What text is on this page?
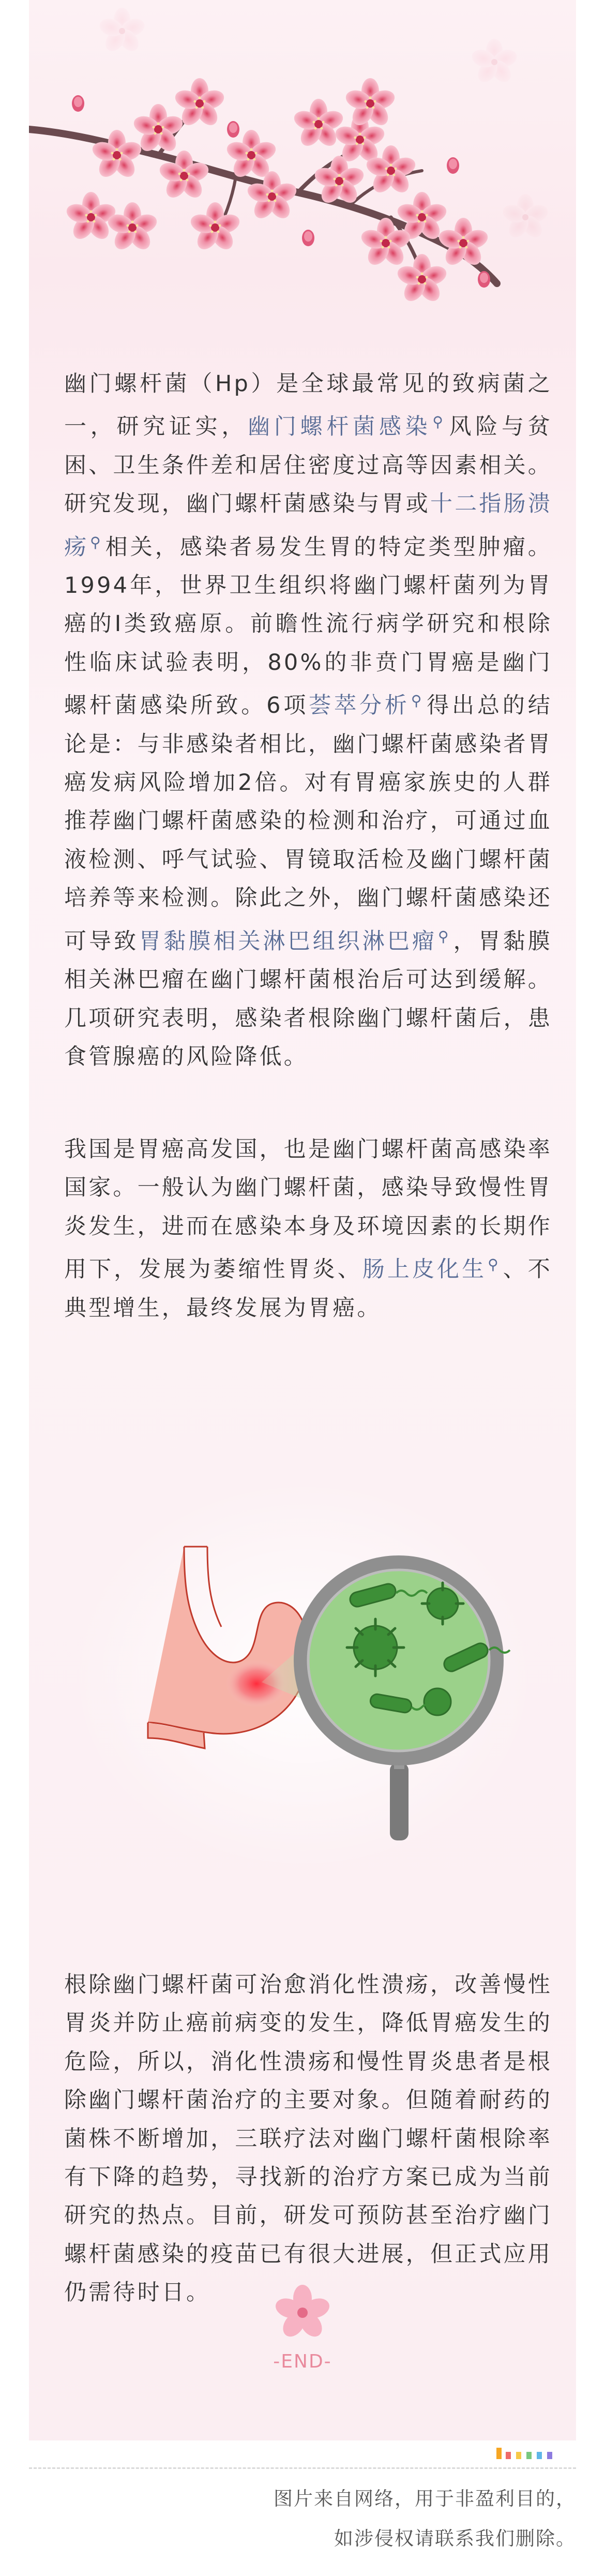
幽门螺杆菌（Hp）是全球最常见的致病菌之一，研究证实，幽门螺杆菌感染⚲风险与贫困、卫生条件差和居住密度过高等因素相关。研究发现，幽门螺杆菌感染与胃或十二指肠溃疡⚲相关，感染者易发生胃的特定类型肿瘤。1994年，世界卫生组织将幽门螺杆菌列为胃癌的Ⅰ类致癌原。前瞻性流行病学研究和根除性临床试验表明，80%的非贲门胃癌是幽门螺杆菌感染所致。6项荟萃分析⚲得出总的结论是：与非感染者相比，幽门螺杆菌感染者胃癌发病风险增加2倍。对有胃癌家族史的人群推荐幽门螺杆菌感染的检测和治疗，可通过血液检测、呼气试验、胃镜取活检及幽门螺杆菌培养等来检测。除此之外，幽门螺杆菌感染还可导致胃黏膜相关淋巴组织淋巴瘤⚲，胃黏膜相关淋巴瘤在幽门螺杆菌根治后可达到缓解。几项研究表明，感染者根除幽门螺杆菌后，患食管腺癌的风险降低。

我国是胃癌高发国，也是幽门螺杆菌高感染率国家。一般认为幽门螺杆菌，感染导致慢性胃炎发生，进而在感染本身及环境因素的长期作用下，发展为萎缩性胃炎、肠上皮化生⚲、不典型增生，最终发展为胃癌。

根除幽门螺杆菌可治愈消化性溃疡，改善慢性胃炎并防止癌前病变的发生，降低胃癌发生的危险，所以，消化性溃疡和慢性胃炎患者是根除幽门螺杆菌治疗的主要对象。但随着耐药的菌株不断增加，三联疗法对幽门螺杆菌根除率有下降的趋势，寻找新的治疗方案已成为当前研究的热点。目前，研发可预防甚至治疗幽门螺杆菌感染的疫苗已有很大进展，但正式应用仍需待时日。

-END-

图片来自网络，用于非盈利目的，

如涉侵权请联系我们删除。
